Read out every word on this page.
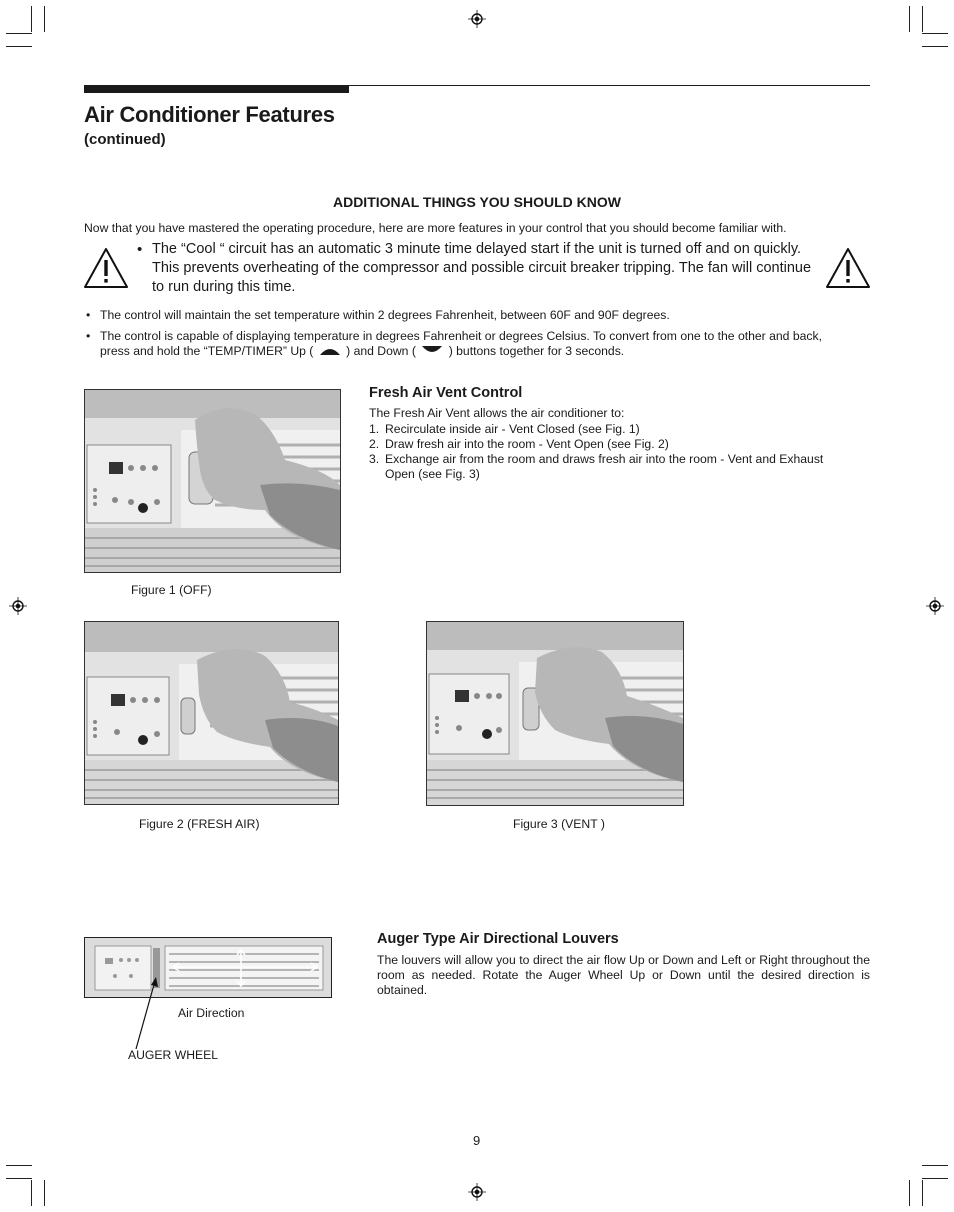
Air Conditioner Features
(continued)
ADDITIONAL THINGS YOU SHOULD KNOW
Now that you have mastered the operating procedure, here are more features in your control that you should become familiar with.
• The “Cool “ circuit has an automatic 3 minute time delayed start if the unit is turned off and on quickly. This prevents overheating of the compressor and possible circuit breaker tripping. The fan will continue to run during this time.
• The control will maintain the set temperature within 2 degrees Fahrenheit, between 60F and 90F degrees.
• The control is capable of displaying temperature in degrees Fahrenheit or degrees Celsius. To convert from one to the other and back,
press and hold the “TEMP/TIMER” Up (	) and Down (	) buttons together for 3 seconds.
Figure 1 (OFF)
Fresh Air Vent Control
The Fresh Air Vent allows the air conditioner to:
1. Recirculate inside air - Vent Closed (see Fig. 1)
2. Draw fresh air into the room - Vent Open (see Fig. 2)
3. Exchange air from the room and draws fresh air into the room - Vent and Exhaust
Open (see Fig. 3)
Figure 2 (FRESH AIR)	Figure 3 (VENT )
Air Direction
AUGER WHEEL
Auger Type Air Directional Louvers
The louvers will allow you to direct the air flow Up or Down and Left or Right throughout the room as needed. Rotate the Auger Wheel Up or Down until the desired direction is obtained.
9
